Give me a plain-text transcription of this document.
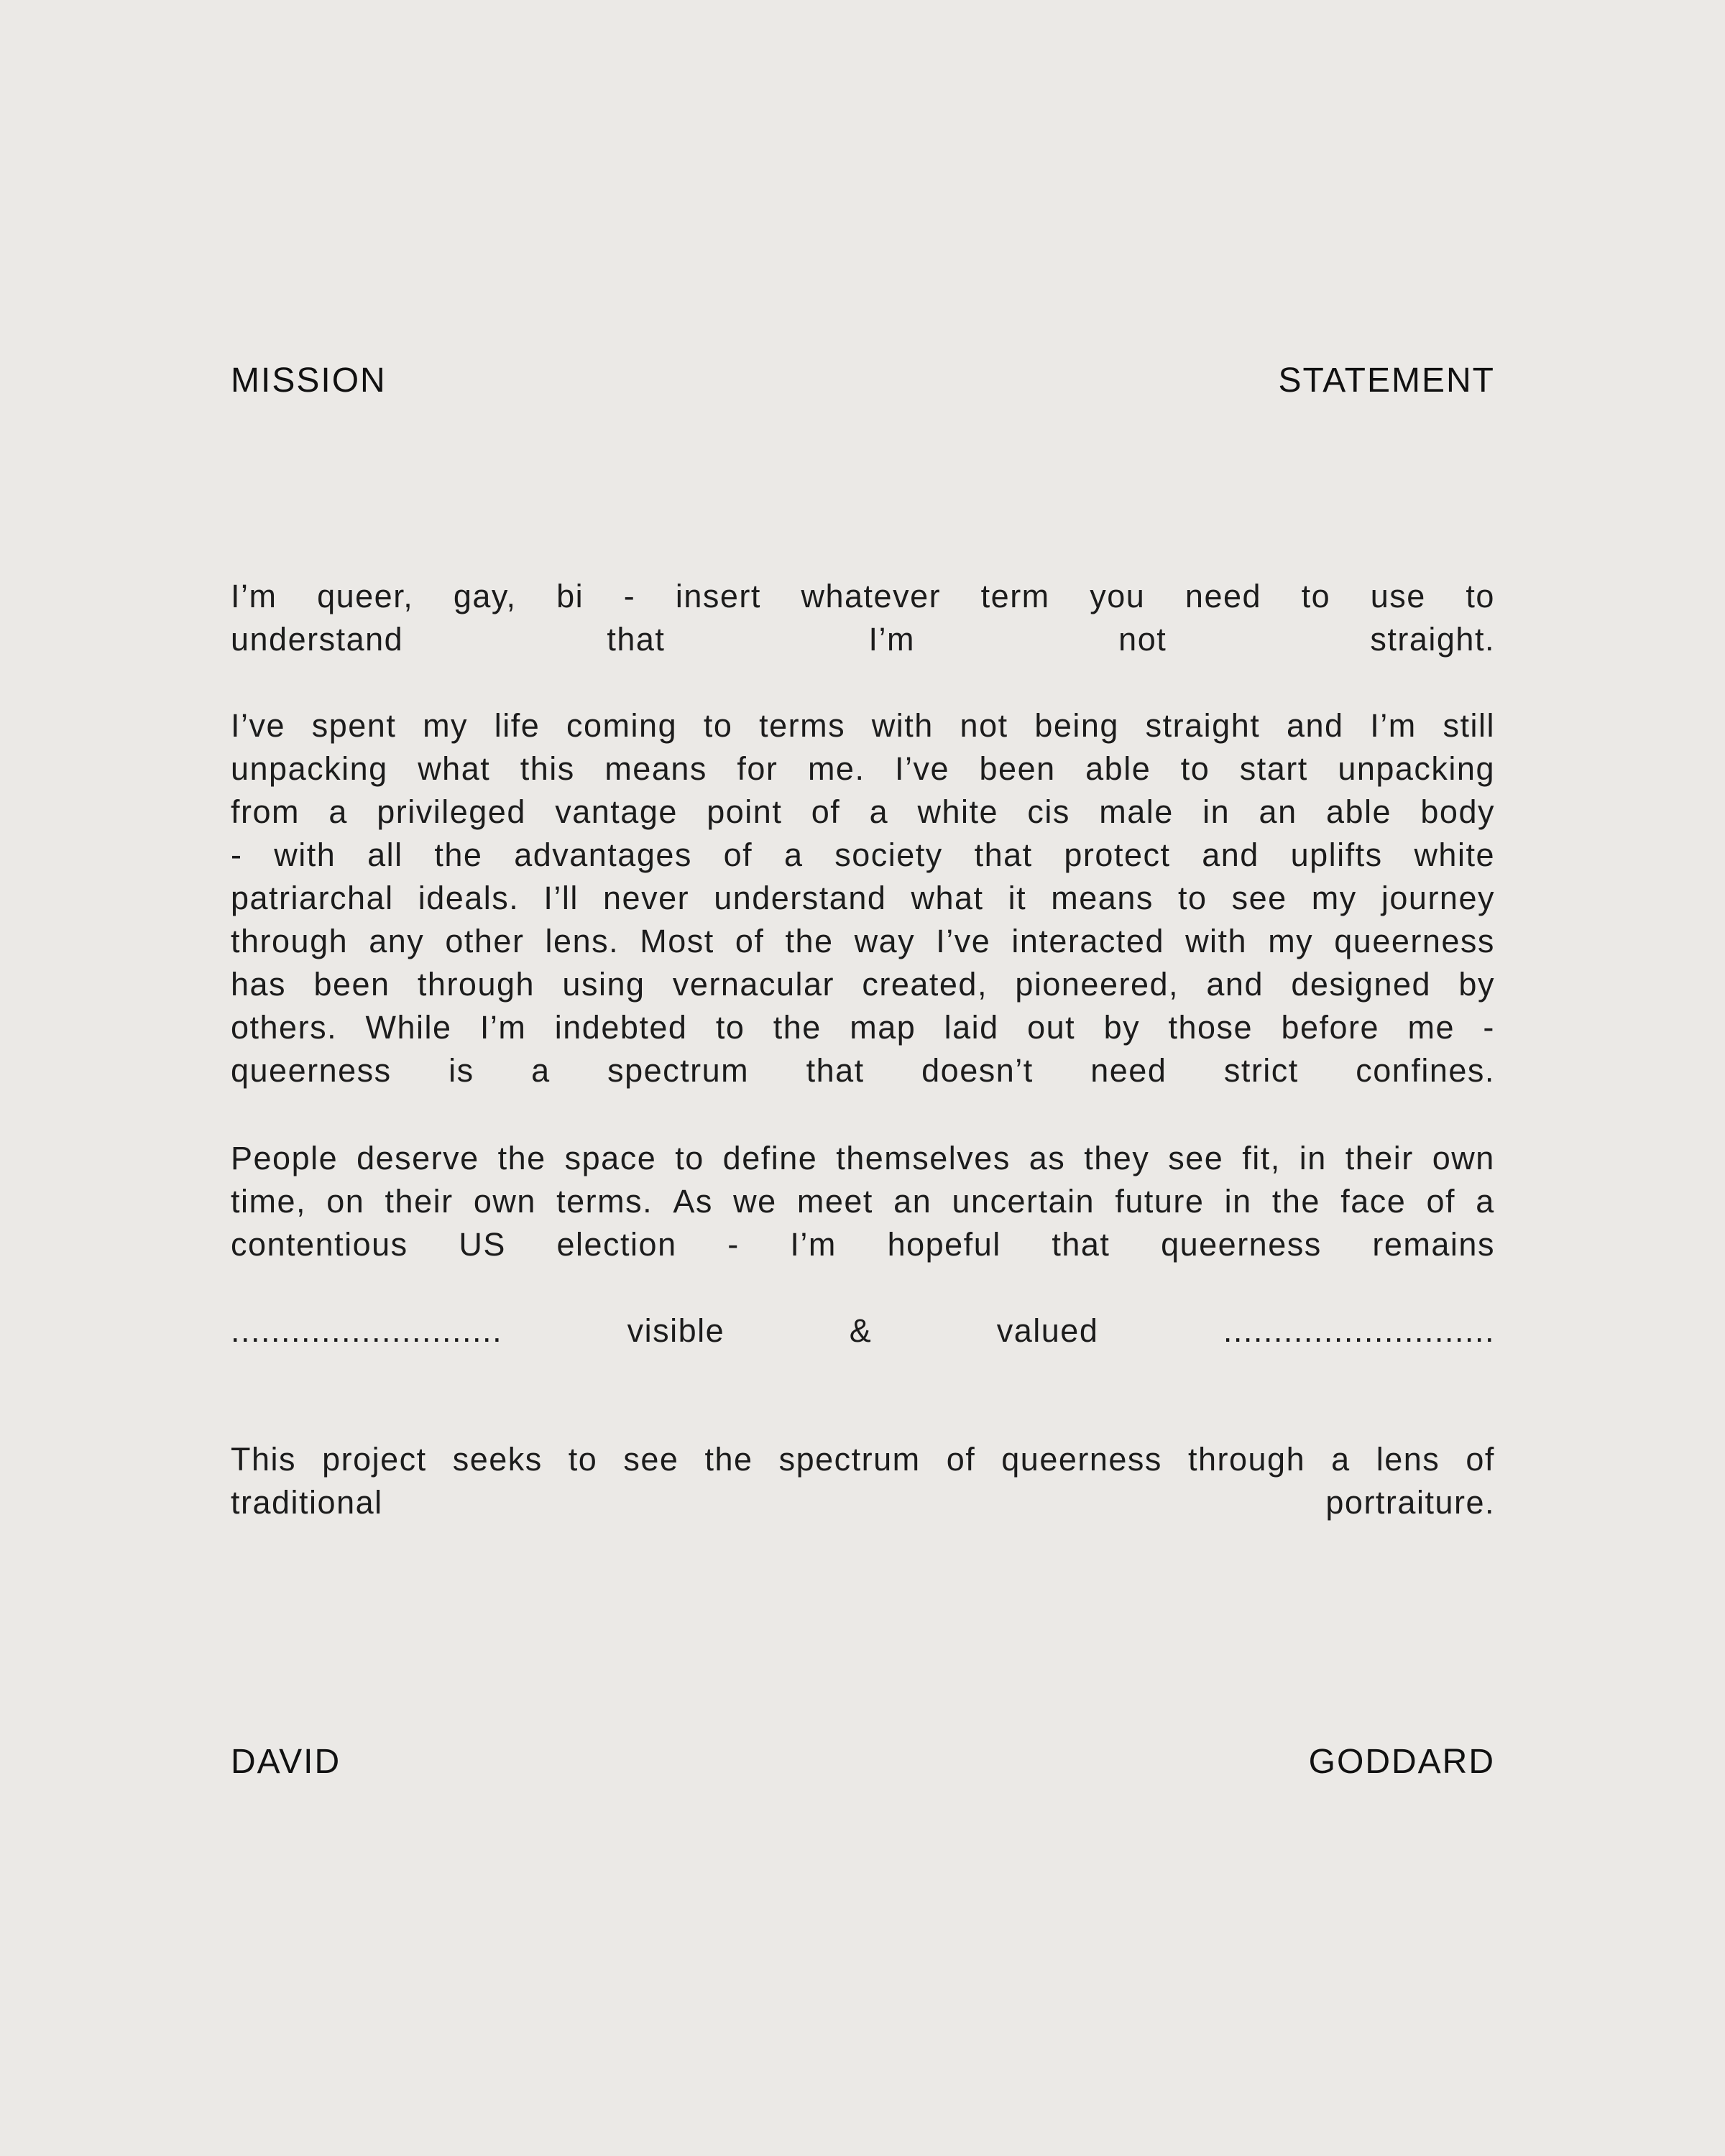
MISSION	STATEMENT
I’m queer, gay, bi - insert whatever term you need to use to
understand	that	I’m	not	straight.
I’ve spent my life coming to terms with not being straight and I’m still
unpacking what this means for me. I’ve been able to start unpacking
from a privileged vantage point of a white cis male in an able body
- with all the advantages of a society that protect and uplifts white
patriarchal ideals. I’ll never understand what it means to see my journey
through any other lens. Most of the way I’ve interacted with my queerness
has been through using vernacular created, pioneered, and designed by
others. While I’m indebted to the map laid out by those before me -
queerness is a spectrum that doesn’t need strict confines.
People deserve the space to define themselves as they see fit, in their own
time, on their own terms. As we meet an uncertain future in the face of a
contentious US election - I’m hopeful that queerness remains
...........................	visible	&	valued	...........................
This project seeks to see the spectrum of queerness through a lens of
traditional	portraiture.
DAVID	GODDARD
